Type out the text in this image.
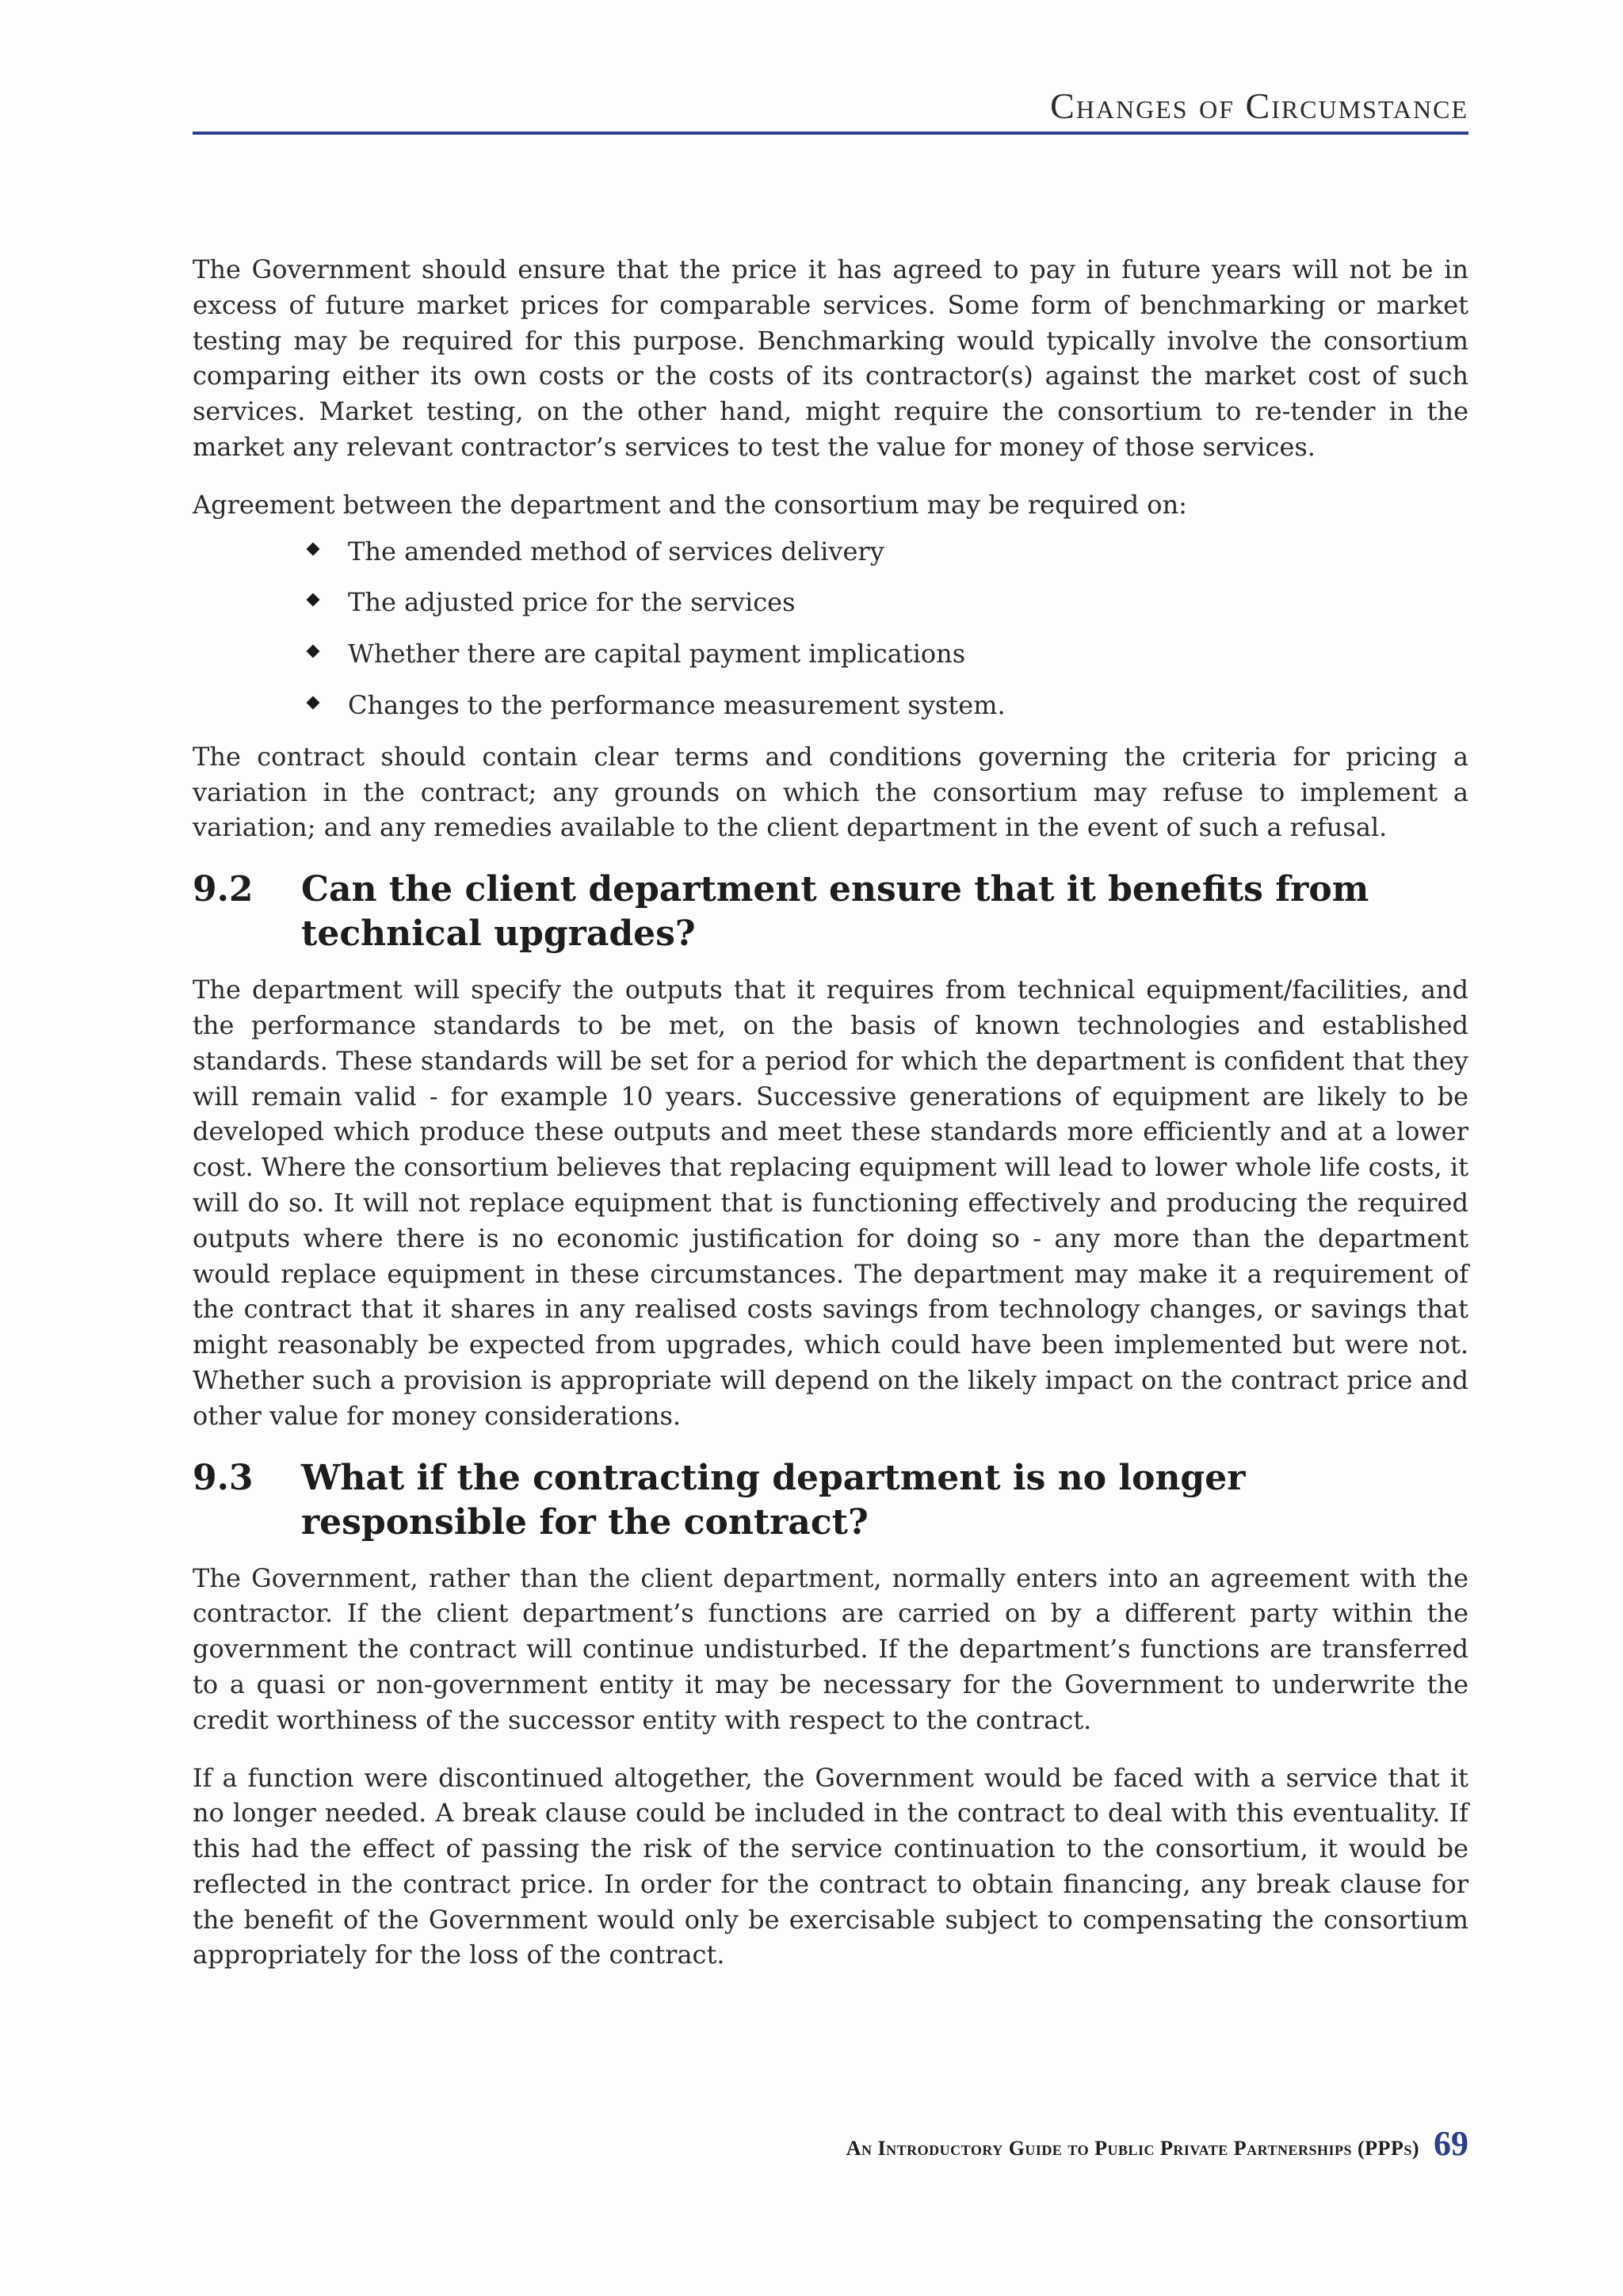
Changes of Circumstance

The Government should ensure that the price it has agreed to pay in future years will not be in excess of future market prices for comparable services. Some form of benchmarking or market testing may be required for this purpose. Benchmarking would typically involve the consortium comparing either its own costs or the costs of its contractor(s) against the market cost of such services. Market testing, on the other hand, might require the consortium to re-tender in the market any relevant contractor’s services to test the value for money of those services.

Agreement between the department and the consortium may be required on:

The amended method of services delivery
The adjusted price for the services
Whether there are capital payment implications
Changes to the performance measurement system.

The contract should contain clear terms and conditions governing the criteria for pricing a variation in the contract; any grounds on which the consortium may refuse to implement a variation; and any remedies available to the client department in the event of such a refusal.

9.2 Can the client department ensure that it benefits from technical upgrades?

The department will specify the outputs that it requires from technical equipment/facilities, and the performance standards to be met, on the basis of known technologies and established standards. These standards will be set for a period for which the department is confident that they will remain valid - for example 10 years. Successive generations of equipment are likely to be developed which produce these outputs and meet these standards more efficiently and at a lower cost. Where the consortium believes that replacing equipment will lead to lower whole life costs, it will do so. It will not replace equipment that is functioning effectively and producing the required outputs where there is no economic justification for doing so - any more than the department would replace equipment in these circumstances. The department may make it a requirement of the contract that it shares in any realised costs savings from technology changes, or savings that might reasonably be expected from upgrades, which could have been implemented but were not. Whether such a provision is appropriate will depend on the likely impact on the contract price and other value for money considerations.

9.3 What if the contracting department is no longer responsible for the contract?

The Government, rather than the client department, normally enters into an agreement with the contractor. If the client department’s functions are carried on by a different party within the government the contract will continue undisturbed. If the department’s functions are transferred to a quasi or non-government entity it may be necessary for the Government to underwrite the credit worthiness of the successor entity with respect to the contract.

If a function were discontinued altogether, the Government would be faced with a service that it no longer needed. A break clause could be included in the contract to deal with this eventuality. If this had the effect of passing the risk of the service continuation to the consortium, it would be reflected in the contract price. In order for the contract to obtain financing, any break clause for the benefit of the Government would only be exercisable subject to compensating the consortium appropriately for the loss of the contract.

An Introductory Guide to Public Private Partnerships (PPPs) 69
